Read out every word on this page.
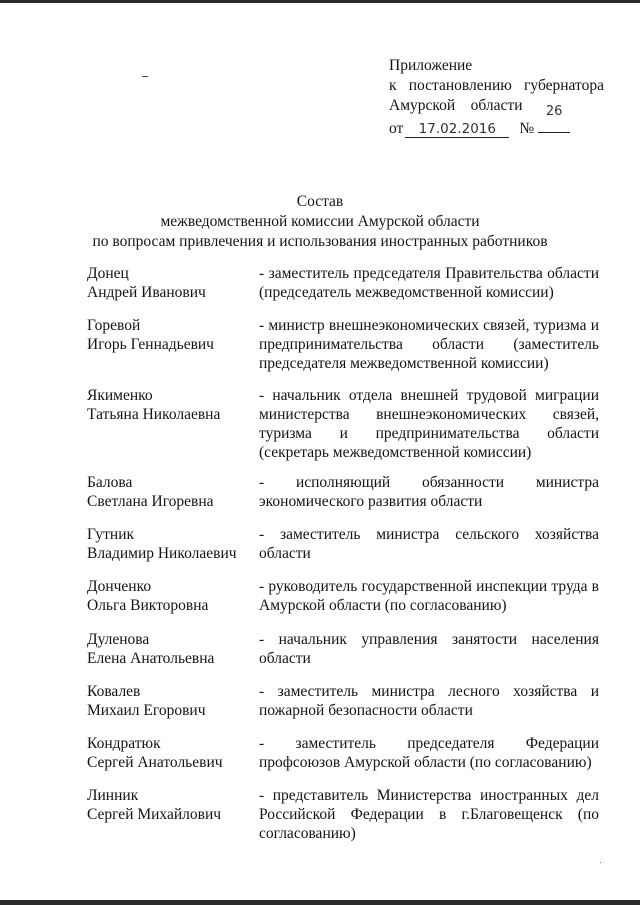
Приложение
к постановлению губернатора
Амурской области
от	17.02.2016	№
26
Состав
межведомственной комиссии Амурской области
по вопросам привлечения и использования иностранных работников
Донец
Андрей Иванович
- заместитель председателя Правительства области (председатель межведомственной комиссии)
Горевой
Игорь Геннадьевич
- министр внешнеэкономических связей, туризма и предпринимательства области (заместитель председателя межведомственной комиссии)
Якименко
Татьяна Николаевна
- начальник отдела внешней трудовой миграции министерства внешнеэкономических связей, туризма и предпринимательства области (секретарь межведомственной комиссии)
Балова
Светлана Игоревна
- исполняющий обязанности министра экономического развития области
Гутник
Владимир Николаевич
- заместитель министра сельского хозяйства области
Донченко
Ольга Викторовна
- руководитель государственной инспекции труда в Амурской области (по согласованию)
Дуленова
Елена Анатольевна
- начальник управления занятости населения области
Ковалев
Михаил Егорович
- заместитель министра лесного хозяйства и пожарной безопасности области
Кондратюк
Сергей Анатольевич
- заместитель председателя Федерации профсоюзов Амурской области (по согласованию)
Линник
Сергей Михайлович
- представитель Министерства иностранных дел Российской Федерации в г.Благовещенск (по согласованию)
